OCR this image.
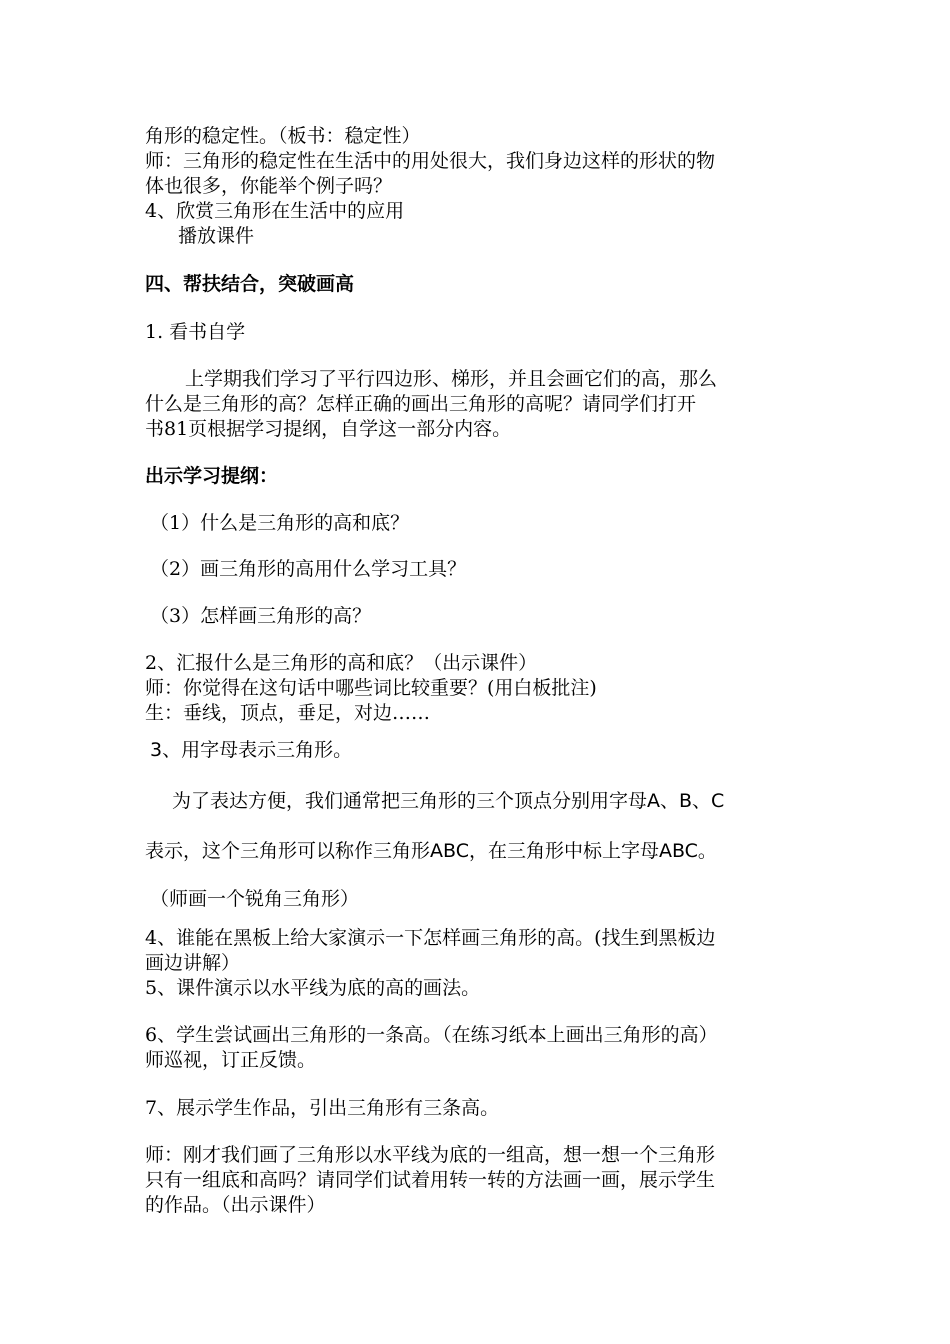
角形的稳定性。（板书：稳定性）
师：三角形的稳定性在生活中的用处很大，我们身边这样的形状的物
体也很多，你能举个例子吗？
4、欣赏三角形在生活中的应用
播放课件
四、帮扶结合，突破画高
1. 看书自学
上学期我们学习了平行四边形、梯形，并且会画它们的高，那么
什么是三角形的高？怎样正确的画出三角形的高呢？请同学们打开
书81页根据学习提纲，自学这一部分内容。
出示学习提纲：
（1）什么是三角形的高和底？
（2）画三角形的高用什么学习工具？
（3）怎样画三角形的高？
2、汇报什么是三角形的高和底？（出示课件）
师：你觉得在这句话中哪些词比较重要？(用白板批注)
生：垂线，顶点，垂足，对边……
3、用字母表示三角形。
为了表达方便，我们通常把三角形的三个顶点分别用字母A、B、C
表示，这个三角形可以称作三角形ABC，在三角形中标上字母ABC。
（师画一个锐角三角形）
4、谁能在黑板上给大家演示一下怎样画三角形的高。(找生到黑板边
画边讲解）
5、课件演示以水平线为底的高的画法。
6、学生尝试画出三角形的一条高。（在练习纸本上画出三角形的高）
师巡视，订正反馈。
7、展示学生作品，引出三角形有三条高。
师：刚才我们画了三角形以水平线为底的一组高，想一想一个三角形
只有一组底和高吗？请同学们试着用转一转的方法画一画，展示学生
的作品。（出示课件）
